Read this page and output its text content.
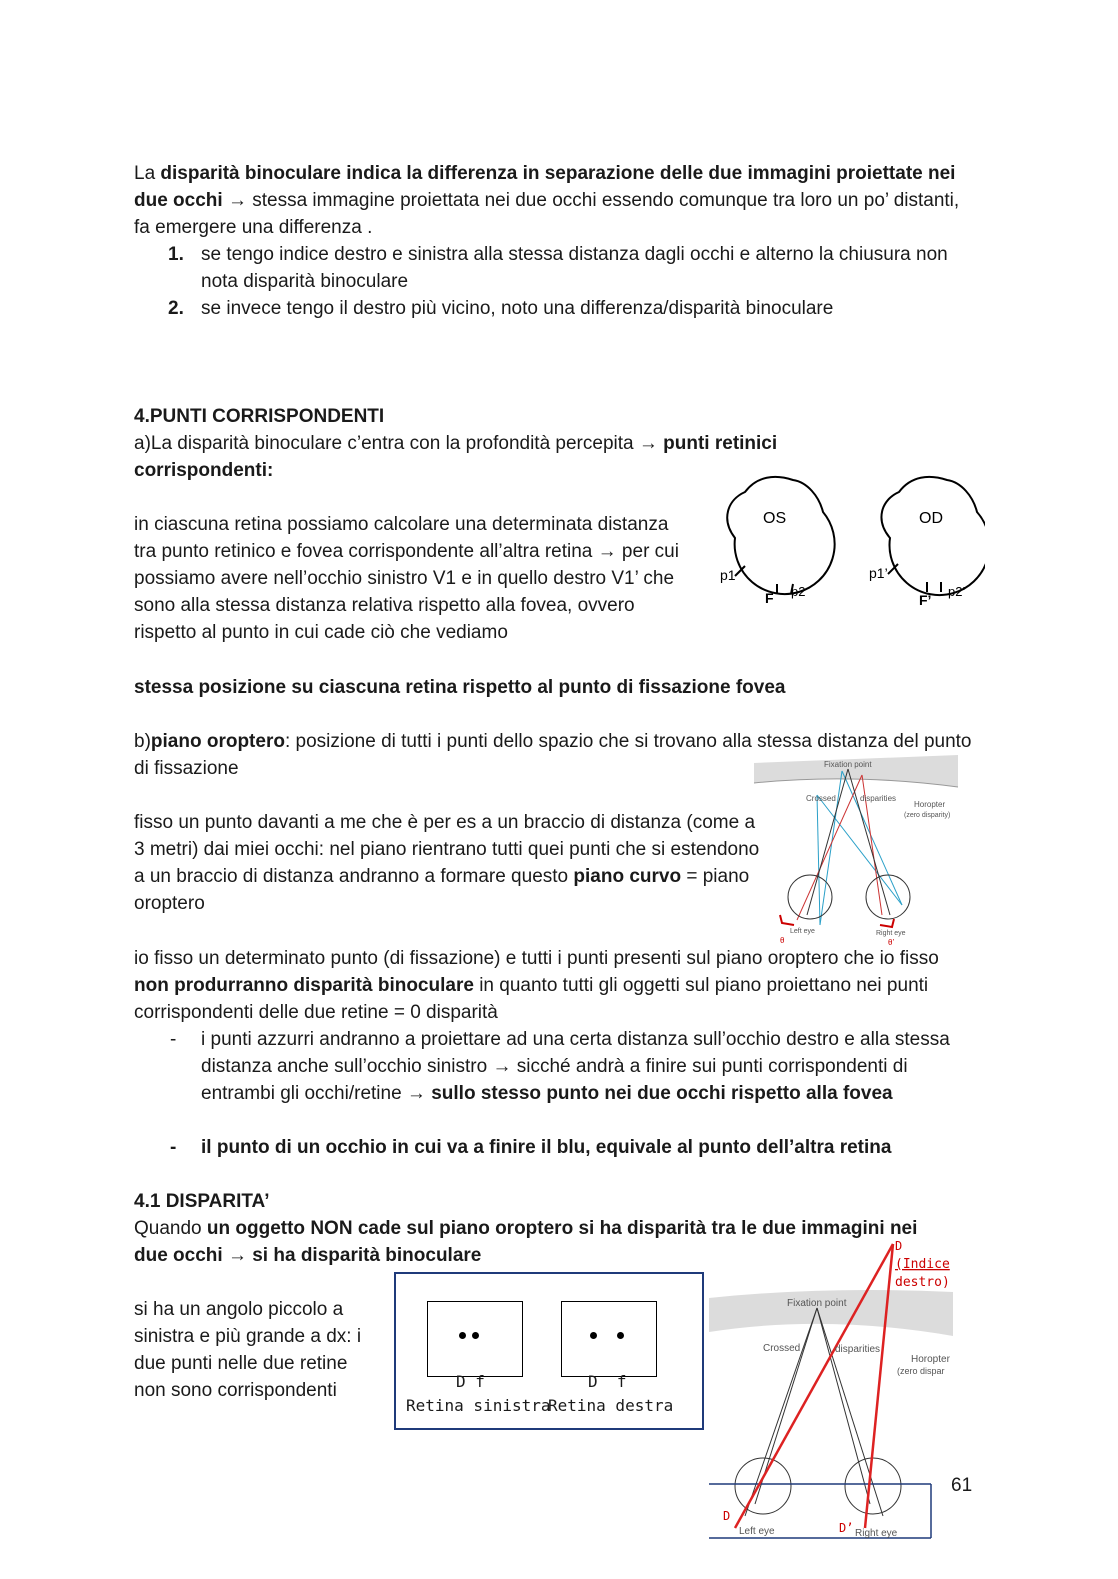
La disparità binoculare indica la differenza in separazione delle due immagini proiettate nei due occhi → stessa immagine proiettata nei due occhi essendo comunque tra loro un po’ distanti, fa emergere una differenza .

1. se tengo indice destro e sinistra alla stessa distanza dagli occhi e alterno la chiusura non nota disparità binoculare
2. se invece tengo il destro più vicino, noto una differenza/disparità binoculare

4.PUNTI CORRISPONDENTI

a)La disparità binoculare c’entra con la profondità percepita → punti retinici corrispondenti:

in ciascuna retina possiamo calcolare una determinata distanza tra punto retinico e fovea corrispondente all’altra retina → per cui possiamo avere nell’occhio sinistro V1 e in quello destro V1’ che sono alla stessa distanza relativa rispetto alla fovea, ovvero rispetto al punto in cui cade ciò che vediamo

stessa posizione su ciascuna retina rispetto al punto di fissazione fovea

b)piano oroptero: posizione di tutti i punti dello spazio che si trovano alla stessa distanza del punto di fissazione

fisso un punto davanti a me che è per es a un braccio di distanza (come a 3 metri) dai miei occhi: nel piano rientrano tutti quei punti che si estendono a un braccio di distanza andranno a formare questo piano curvo = piano oroptero

io fisso un determinato punto (di fissazione) e tutti i punti presenti sul piano oroptero che io fisso non produrranno disparità binoculare in quanto tutti gli oggetti sul piano proiettano nei punti corrispondenti delle due retine = 0 disparità

- i punti azzurri andranno a proiettare ad una certa distanza sull’occhio destro e alla stessa distanza anche sull’occhio sinistro → sicché andrà a finire sui punti corrispondenti di entrambi gli occhi/retine → sullo stesso punto nei due occhi rispetto alla fovea
- il punto di un occhio in cui va a finire il blu, equivale al punto dell’altra retina

4.1 DISPARITA’

Quando un oggetto NON cade sul piano oroptero si ha disparità tra le due immagini nei due occhi → si ha disparità binoculare

si ha un angolo piccolo a sinistra e più grande a dx: i due punti nelle due retine non sono corrispondenti

OS	OD
p1
p2
F
p1’
p2’
F’
Fixation point
Crossed	disparities
Horopter
(zero disparity)
Left eye	Right eye
θ	θ’
D f	D  f
Retina sinistra
Retina destra
Fixation point
Crossed	disparities
Horopter
(zero dispar
Left eye	Right eye
D
(Indice
destro)
D
D’
61
